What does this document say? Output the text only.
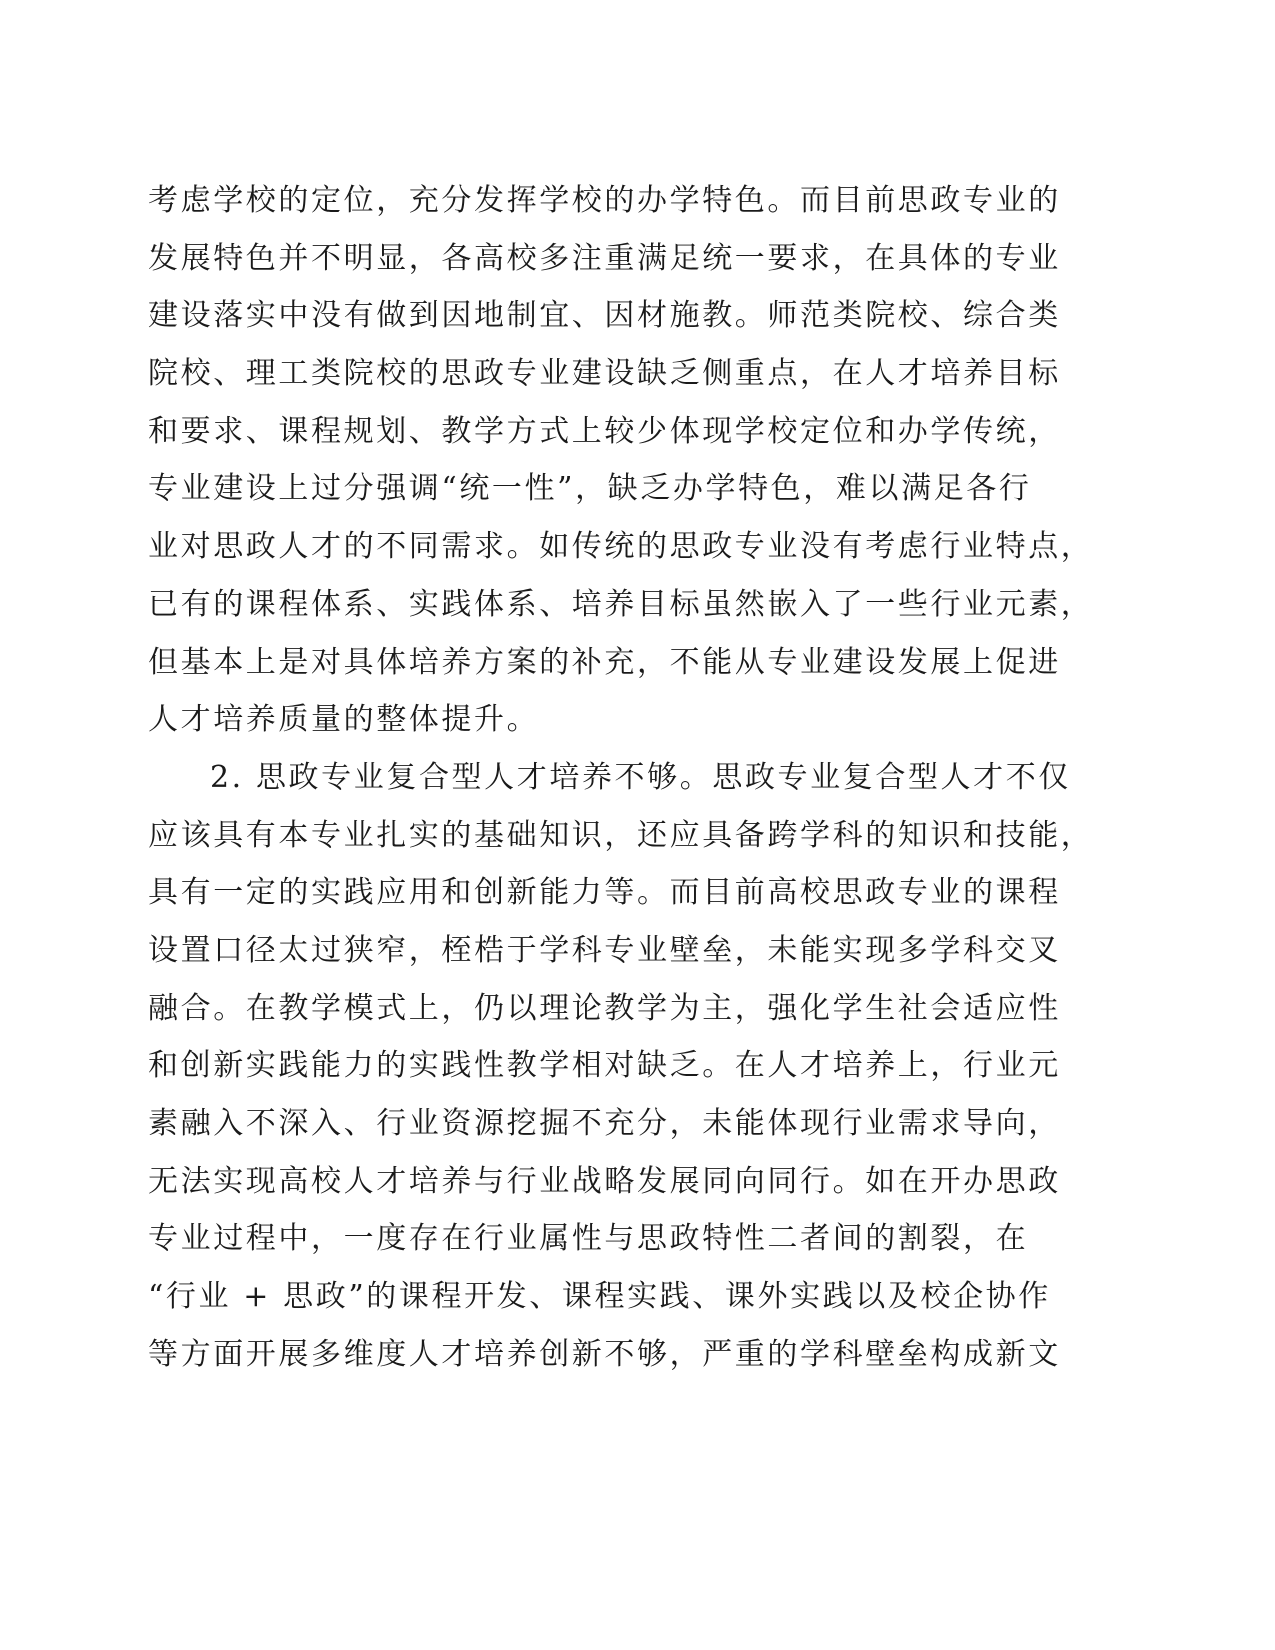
考虑学校的定位，充分发挥学校的办学特色。而目前思政专业的
发展特色并不明显，各高校多注重满足统一要求，在具体的专业
建设落实中没有做到因地制宜、因材施教。师范类院校、综合类
院校、理工类院校的思政专业建设缺乏侧重点，在人才培养目标
和要求、课程规划、教学方式上较少体现学校定位和办学传统，
专业建设上过分强调“统一性”，缺乏办学特色，难以满足各行
业对思政人才的不同需求。如传统的思政专业没有考虑行业特点，
已有的课程体系、实践体系、培养目标虽然嵌入了一些行业元素，
但基本上是对具体培养方案的补充，不能从专业建设发展上促进
人才培养质量的整体提升。
2. 思政专业复合型人才培养不够。思政专业复合型人才不仅
应该具有本专业扎实的基础知识，还应具备跨学科的知识和技能，
具有一定的实践应用和创新能力等。而目前高校思政专业的课程
设置口径太过狭窄，桎梏于学科专业壁垒，未能实现多学科交叉
融合。在教学模式上，仍以理论教学为主，强化学生社会适应性
和创新实践能力的实践性教学相对缺乏。在人才培养上，行业元
素融入不深入、行业资源挖掘不充分，未能体现行业需求导向，
无法实现高校人才培养与行业战略发展同向同行。如在开办思政
专业过程中，一度存在行业属性与思政特性二者间的割裂，在
“行业 + 思政”的课程开发、课程实践、课外实践以及校企协作
等方面开展多维度人才培养创新不够，严重的学科壁垒构成新文
